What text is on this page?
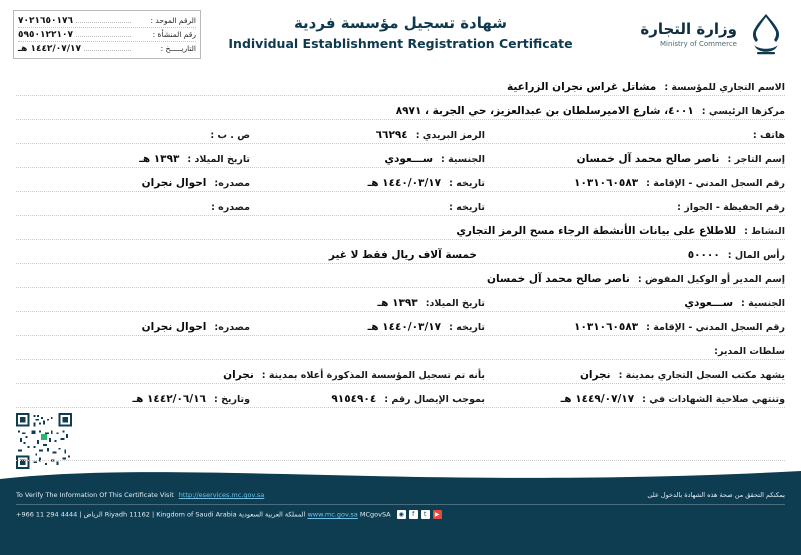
الرقم الموحد :
٧٠٢١٦٥٠١٧٦
رقم المنشأة :
٥٩٥٠١٢٢١٠٧
التاريـــــخ :
١٤٤٢/٠٧/١٧ هـ
شهادة تسجيل مؤسسة فردية
Individual Establishment Registration Certificate
وزارة التجارة
Ministry of Commerce
الاسم التجاري للمؤسسة :
مشاتل غراس نجران الزراعية
مركزها الرئيسي :
٤٠٠١، شارع الاميرسلطان بن عبدالعزيز، حي الجربة ، ٨٩٧١
هاتف :
الرمز البريدي :
٦٦٢٩٤
ص . ب :
إسم التاجر :
ناصر صالح محمد آل خمسان
الجنسية :
ســـعودي
تاريخ الميلاد :
١٣٩٣ هـ
رقم السجل المدني - الإقامة :
١٠٣١٠٦٠٥٨٣
تاريخه :
١٤٤٠/٠٣/١٧ هـ
مصدره:
احوال نجران
رقم الحفيظة - الجواز :
تاريخه :
مصدره :
النشاط :
للاطلاع على بيانات الأنشطة الرجاء مسح الرمز التجاري
رأس المال :
٥٠٠٠٠
خمسة آلاف ريال فقط لا غير
إسم المدير أو الوكيل المفوض :
ناصر صالح محمد آل خمسان
الجنسية :
ســـعودي
تاريخ الميلاد:
١٣٩٣ هـ
رقم السجل المدني - الإقامة :
١٠٣١٠٦٠٥٨٣
تاريخه :
١٤٤٠/٠٣/١٧ هـ
مصدره:
احوال نجران
سلطات المدير:
يشهد مكتب السجل التجاري بمدينة :
نجران
بأنه تم تسجيل المؤسسة المذكورة أعلاه بمدينة :
نجران
وتنتهي صلاحية الشهادات في :
١٤٤٩/٠٧/١٧ هـ
بموجب الإيصال رقم :
٩١٥٤٩٠٤
وتاريخ :
١٤٤٢/٠٦/١٦ هـ
To Verify The Information Of This Certificate Visit http://eservices.mc.gov.sa	يمكنكم التحقق من صحة هذه الشهادة بالدخول على
+966 11 294 4444 | الرياض Riyadh 11162 | Kingdom of Saudi Arabia المملكة العربية السعودية www.mc.gov.sa MCgovSA	◉	f	t	▶
